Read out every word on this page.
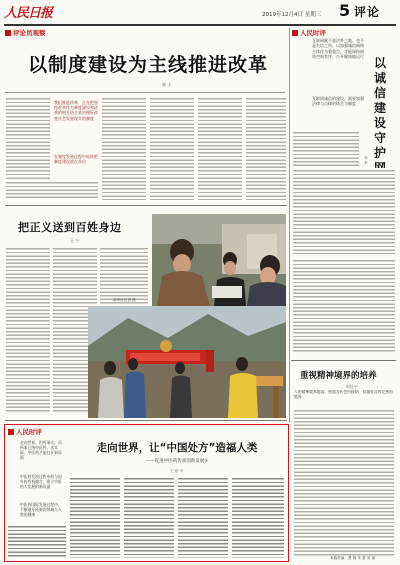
人民日报	2019年12月4日 星期三 5 评论
评论员观察
以制度建设为主线推进改革
崔 士
我们推进改革，正在把坚持改革作为制度建设和改革的相互结合来治理好改变社会发展现实的制度
在制度发展过程中始终把制度建设放在首位
把正义送到百姓身边
王 宁
新华社记者 摄
人民时评
互联网就不是法外之地，也不是失信之所。以加强诚信网络主体作为着重点，才能保持网络空间有序、公开健康地运行
互联网诚信的建设，需要加强法律与自律的结合与制度
以诚信建设守护
赤木
重视精神境界的培养
周佳宁
人的精神境界越高，便越为社会所接纳，但越有自我完善的境界
人民时评
走向世界，用药事实，而药事已统中医药，求实际，中医药才能打开新局面
中医药发展过程中的与国外药有机融合，建立中医药大发展的新局面
中医药国际发展过程中，不断地开拓新的领域与人类的健康
走向世界，让“中国处方”造福人类
——促进中医药传承创新发展⑤
王 世 平
本版责编：曹 锋 朱 蕾 吴 丽
